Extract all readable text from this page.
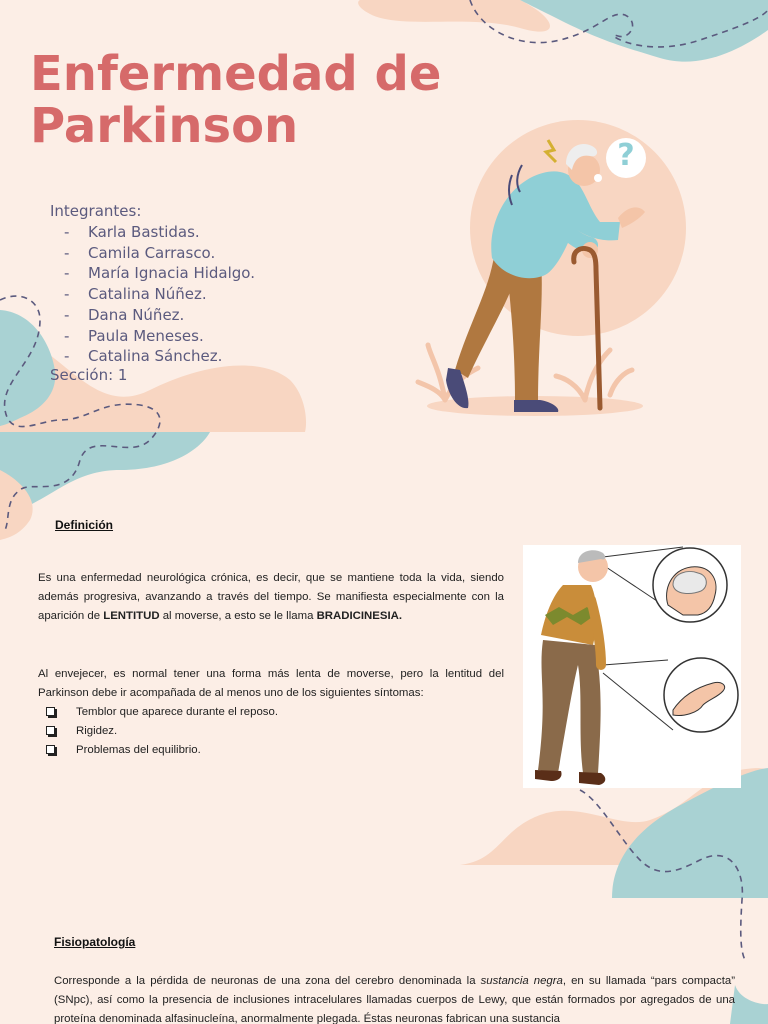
?
Enfermedad de
Parkinson
Integrantes:
- Karla Bastidas.
- Camila Carrasco.
- María Ignacia Hidalgo.
- Catalina Núñez.
- Dana Núñez.
- Paula Meneses.
- Catalina Sánchez.
Sección: 1
Definición
Es una enfermedad neurológica crónica, es decir, que se mantiene toda la vida, siendo además progresiva, avanzando a través del tiempo. Se manifiesta especialmente con la aparición de LENTITUD al moverse, a esto se le llama BRADICINESIA.
Al envejecer, es normal tener una forma más lenta de moverse, pero la lentitud del Parkinson debe ir acompañada de al menos uno de los siguientes síntomas:
Temblor que aparece durante el reposo.
Rigidez.
Problemas del equilibrio.
Fisiopatología
Corresponde a la pérdida de neuronas de una zona del cerebro denominada la sustancia negra, en su llamada “pars compacta” (SNpc), así como la presencia de inclusiones intracelulares llamadas cuerpos de Lewy, que están formados por agregados de una proteína denominada alfasinucleína, anormalmente plegada. Éstas neuronas fabrican una sustancia
